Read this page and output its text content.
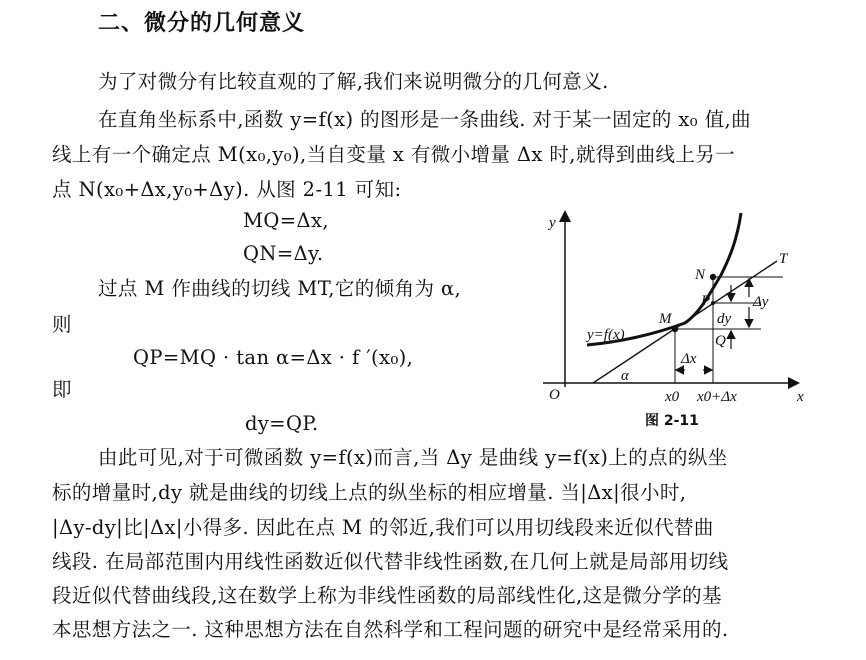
二、微分的几何意义
为了对微分有比较直观的了解,我们来说明微分的几何意义.
在直角坐标系中,函数 y=f(x) 的图形是一条曲线. 对于某一固定的 x₀ 值,曲
线上有一个确定点 M(x₀,y₀),当自变量 x 有微小增量 Δx 时,就得到曲线上另一
点 N(x₀+Δx,y₀+Δy). 从图 2-11 可知:
MQ=Δx,
QN=Δy.
过点 M 作曲线的切线 MT,它的倾角为 α,
则
QP=MQ · tan α=Δx · f ′(x₀),
即
dy=QP.
由此可见,对于可微函数 y=f(x)而言,当 Δy 是曲线 y=f(x)上的点的纵坐
标的增量时,dy 就是曲线的切线上点的纵坐标的相应增量. 当|Δx|很小时,
|Δy-dy|比|Δx|小得多. 因此在点 M 的邻近,我们可以用切线段来近似代替曲
线段. 在局部范围内用线性函数近似代替非线性函数,在几何上就是局部用切线
段近似代替曲线段,这在数学上称为非线性函数的局部线性化,这是微分学的基
本思想方法之一. 这种思想方法在自然科学和工程问题的研究中是经常采用的.
y
x
O
T
N
P
M
Q
y=f(x)
α
Δx
Δy
dy
x0 x0+Δx
图 2-11
